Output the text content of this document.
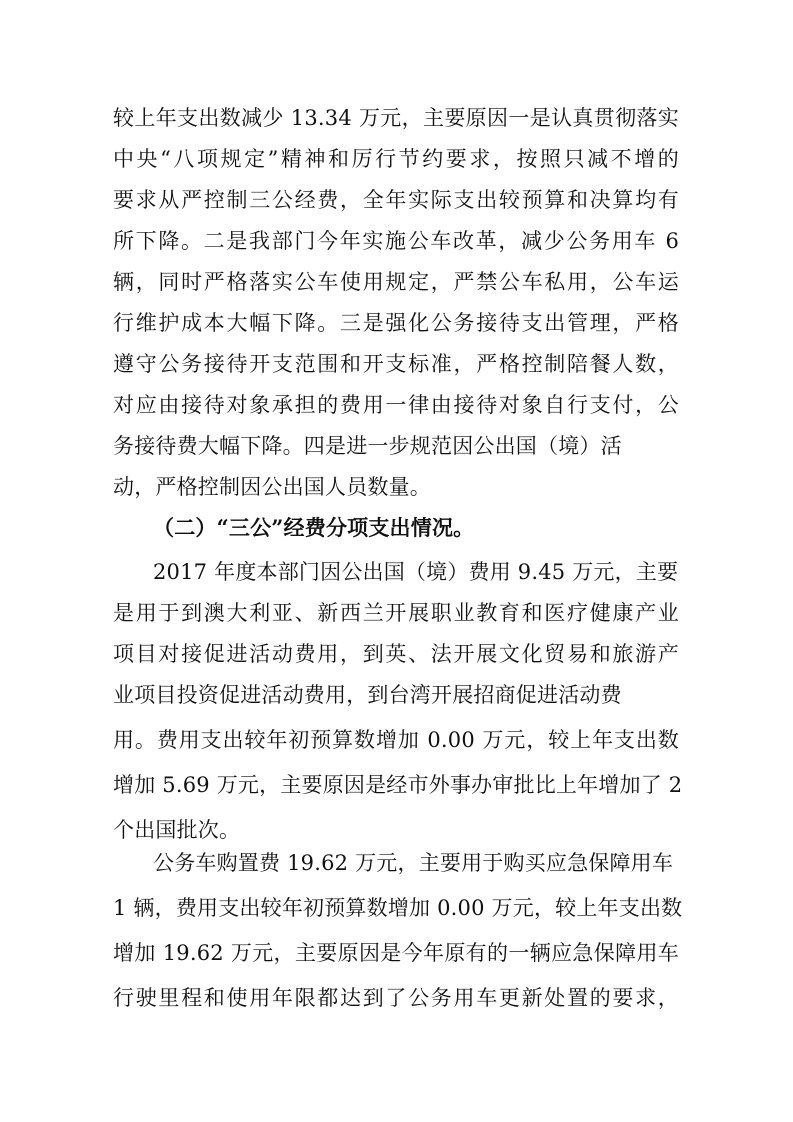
较上年支出数减少 13.34 万元，主要原因一是认真贯彻落实
中央“八项规定”精神和厉行节约要求，按照只减不增的
要求从严控制三公经费，全年实际支出较预算和决算均有
所下降。二是我部门今年实施公车改革，减少公务用车 6
辆，同时严格落实公车使用规定，严禁公车私用，公车运
行维护成本大幅下降。三是强化公务接待支出管理，严格
遵守公务接待开支范围和开支标准，严格控制陪餐人数，
对应由接待对象承担的费用一律由接待对象自行支付，公
务接待费大幅下降。四是进一步规范因公出国（境）活
动，严格控制因公出国人员数量。
（二）“三公”经费分项支出情况。
2017 年度本部门因公出国（境）费用 9.45 万元，主要
是用于到澳大利亚、新西兰开展职业教育和医疗健康产业
项目对接促进活动费用，到英、法开展文化贸易和旅游产
业项目投资促进活动费用，到台湾开展招商促进活动费
用。费用支出较年初预算数增加 0.00 万元，较上年支出数
增加 5.69 万元，主要原因是经市外事办审批比上年增加了 2
个出国批次。
公务车购置费 19.62 万元，主要用于购买应急保障用车
1 辆，费用支出较年初预算数增加 0.00 万元，较上年支出数
增加 19.62 万元，主要原因是今年原有的一辆应急保障用车
行驶里程和使用年限都达到了公务用车更新处置的要求，
